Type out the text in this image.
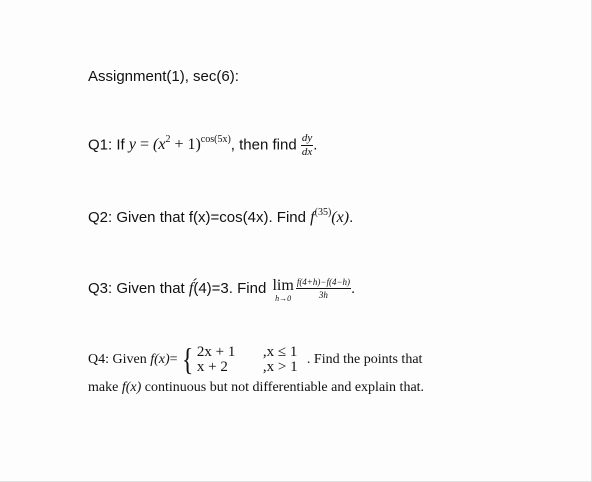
Assignment(1), sec(6):
Q1: If $y = (x^2 + 1)^{cos(5x)}$, then find $\frac{dy}{dx}$ .
Q2: Given that f(x)=cos(4x). Find $f^{(35)}(x)$.
Q3: Given that f́(4)=3. Find lim
$h\to 0 \frac{f(4+h)-f(4-h)}{3h}$ .
Q4: Given
f(x) = { 2x + 1	,x ≤ 1
x + 2	,x > 1 . Find the points that
make f(x) continuous but not differentiable and explain that.
